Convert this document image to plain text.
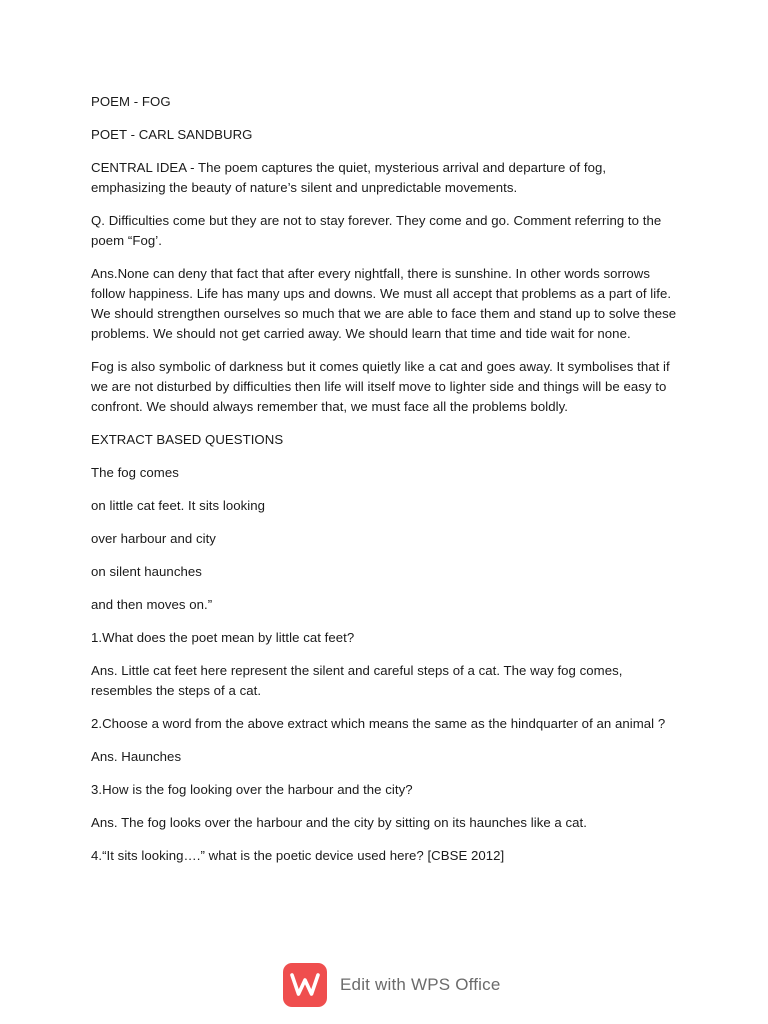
POEM - FOG

POET - CARL SANDBURG

CENTRAL IDEA - The poem captures the quiet, mysterious arrival and departure of fog, emphasizing the beauty of nature’s silent and unpredictable movements.

Q. Difficulties come but they are not to stay forever. They come and go. Comment referring to the poem “Fog’.

Ans.None can deny that fact that after every nightfall, there is sunshine. In other words sorrows follow happiness. Life has many ups and downs. We must all accept that problems as a part of life. We should strengthen ourselves so much that we are able to face them and stand up to solve these problems. We should not get carried away. We should learn that time and tide wait for none.

Fog is also symbolic of darkness but it comes quietly like a cat and goes away. It symbolises that if we are not disturbed by difficulties then life will itself move to lighter side and things will be easy to confront. We should always remember that, we must face all the problems boldly.

EXTRACT BASED QUESTIONS

The fog comes

on little cat feet. It sits looking

over harbour and city

on silent haunches

and then moves on.”

1.What does the poet mean by little cat feet?

Ans. Little cat feet here represent the silent and careful steps of a cat. The way fog comes, resembles the steps of a cat.

2.Choose a word from the above extract which means the same as the hindquarter of an animal ?

Ans. Haunches

3.How is the fog looking over the harbour and the city?

Ans. The fog looks over the harbour and the city by sitting on its haunches like a cat.

4.“It sits looking….” what is the poetic device used here? [CBSE 2012]

Edit with WPS Office
